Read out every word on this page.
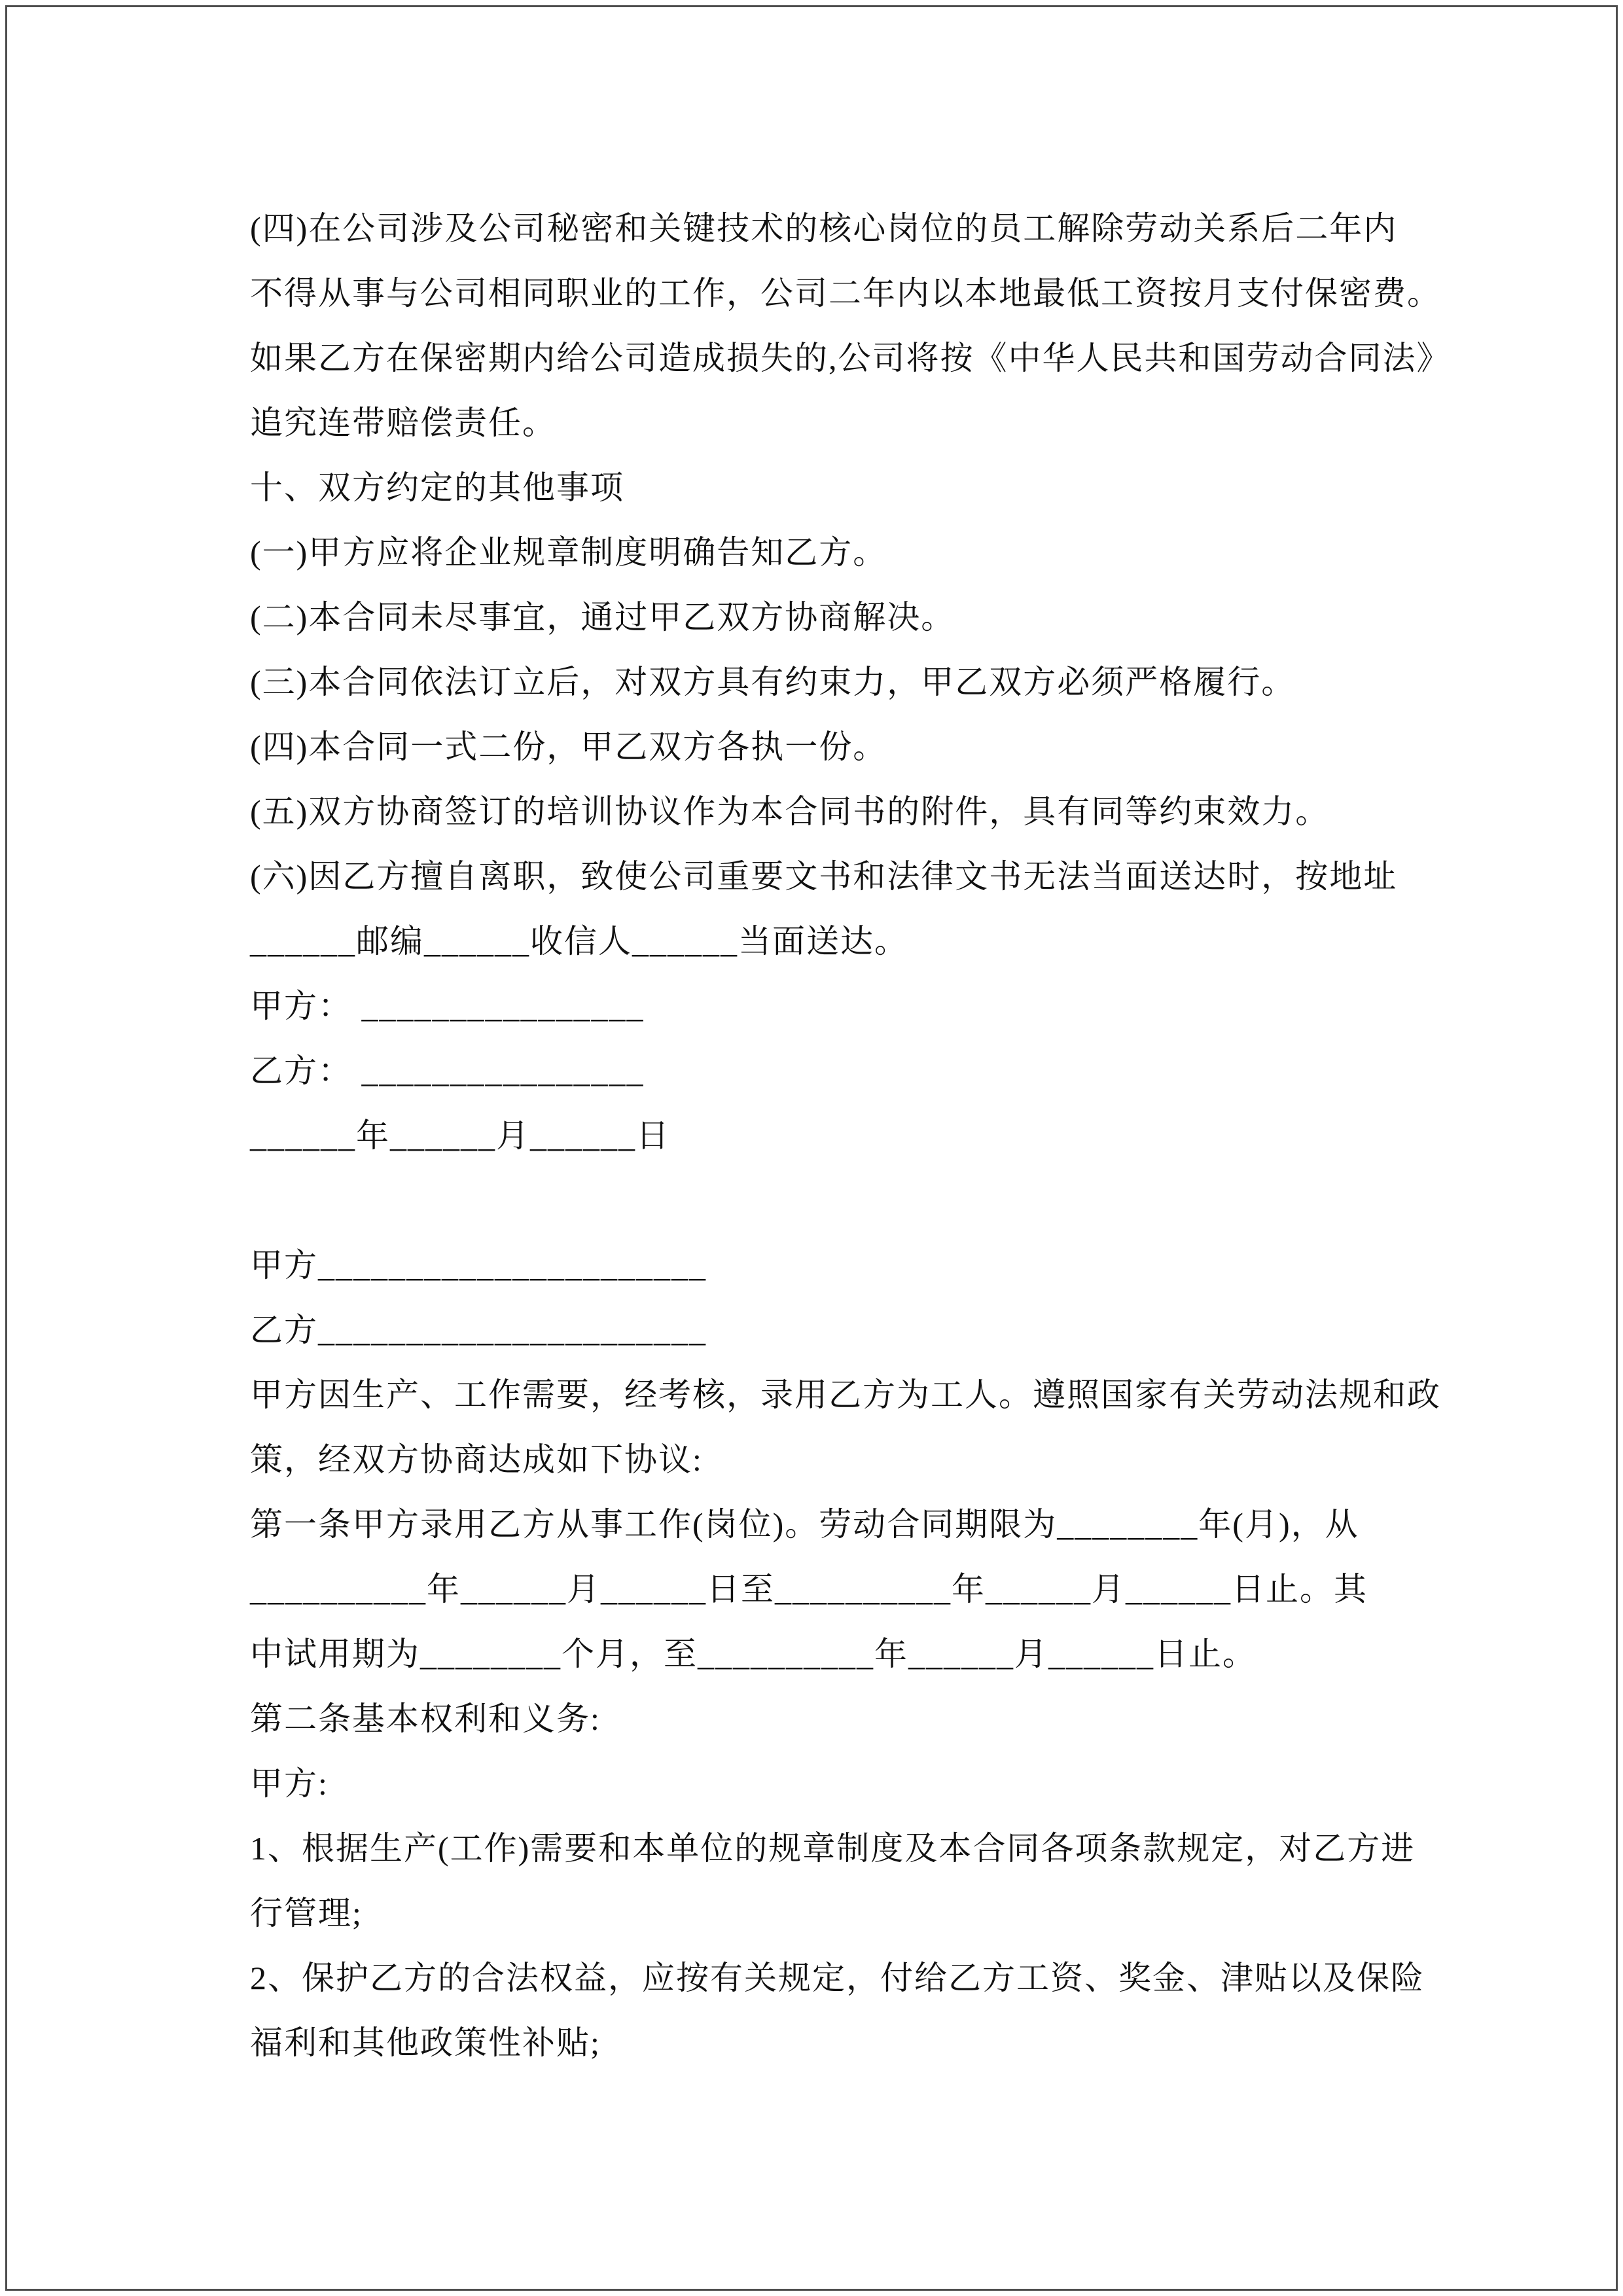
(四)在公司涉及公司秘密和关键技术的核心岗位的员工解除劳动关系后二年内
不得从事与公司相同职业的工作，公司二年内以本地最低工资按月支付保密费。
如果乙方在保密期内给公司造成损失的,公司将按《中华人民共和国劳动合同法》
追究连带赔偿责任。
十、双方约定的其他事项
(一)甲方应将企业规章制度明确告知乙方。
(二)本合同未尽事宜，通过甲乙双方协商解决。
(三)本合同依法订立后，对双方具有约束力，甲乙双方必须严格履行。
(四)本合同一式二份，甲乙双方各执一份。
(五)双方协商签订的培训协议作为本合同书的附件，具有同等约束效力。
(六)因乙方擅自离职，致使公司重要文书和法律文书无法当面送达时，按地址
______邮编______收信人______当面送达。
甲方： ________________
乙方： ________________
______年______月______日
甲方______________________
乙方______________________
甲方因生产、工作需要，经考核，录用乙方为工人。遵照国家有关劳动法规和政
策，经双方协商达成如下协议:
第一条甲方录用乙方从事工作(岗位)。劳动合同期限为________年(月)，从
__________年______月______日至__________年______月______日止。其
中试用期为________个月，至__________年______月______日止。
第二条基本权利和义务:
甲方:
1、根据生产(工作)需要和本单位的规章制度及本合同各项条款规定，对乙方进
行管理;
2、保护乙方的合法权益，应按有关规定，付给乙方工资、奖金、津贴以及保险
福利和其他政策性补贴;
